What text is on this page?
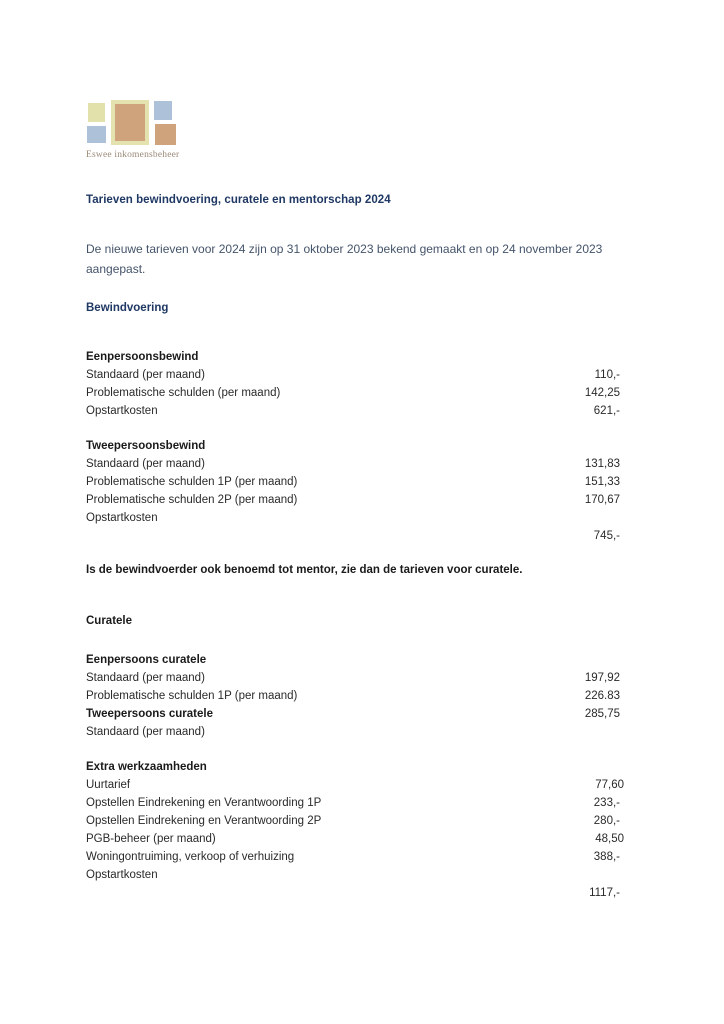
Eswee inkomensbeheer
Tarieven bewindvoering, curatele en mentorschap 2024
De nieuwe tarieven voor 2024 zijn op 31 oktober 2023 bekend gemaakt en op 24 november 2023 aangepast.
Bewindvoering
Eenpersoonsbewind
Standaard (per maand)	110,-
Problematische schulden (per maand)	142,25
Opstartkosten	621,-
Tweepersoonsbewind
Standaard (per maand)	131,83
Problematische schulden 1P (per maand)	151,33
Problematische schulden 2P (per maand)	170,67
Opstartkosten
745,-
Is de bewindvoerder ook benoemd tot mentor, zie dan de tarieven voor curatele.
Curatele
Eenpersoons curatele
Standaard (per maand)	197,92
Problematische schulden 1P (per maand)	226.83
Tweepersoons curatele	285,75
Standaard (per maand)
Extra werkzaamheden
Uurtarief	77,60
Opstellen Eindrekening en Verantwoording 1P	233,-
Opstellen Eindrekening en Verantwoording 2P	280,-
PGB-beheer (per maand)	48,50
Woningontruiming, verkoop of verhuizing	388,-
Opstartkosten
1117,-
